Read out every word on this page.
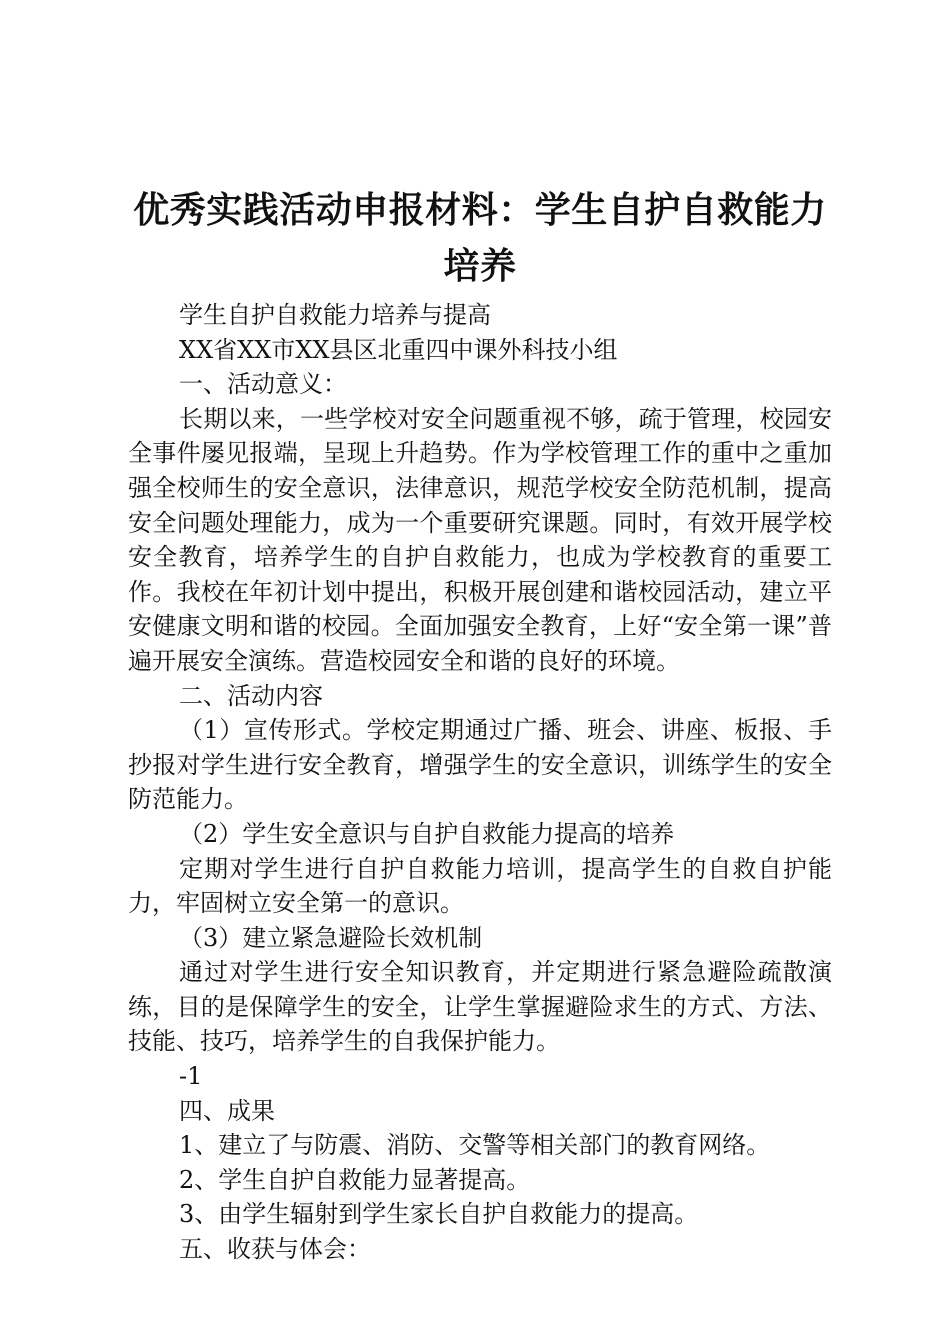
优秀实践活动申报材料：学生自护自救能力培养

学生自护自救能力培养与提高

XX省XX市XX县区北重四中课外科技小组

一、活动意义：

长期以来，一些学校对安全问题重视不够，疏于管理，校园安全事件屡见报端，呈现上升趋势。作为学校管理工作的重中之重加强全校师生的安全意识，法律意识，规范学校安全防范机制，提高安全问题处理能力，成为一个重要研究课题。同时，有效开展学校安全教育，培养学生的自护自救能力，也成为学校教育的重要工作。我校在年初计划中提出，积极开展创建和谐校园活动，建立平安健康文明和谐的校园。全面加强安全教育，上好“安全第一课”普遍开展安全演练。营造校园安全和谐的良好的环境。

二、活动内容

（1）宣传形式。学校定期通过广播、班会、讲座、板报、手抄报对学生进行安全教育，增强学生的安全意识，训练学生的安全防范能力。

（2）学生安全意识与自护自救能力提高的培养

定期对学生进行自护自救能力培训，提高学生的自救自护能力，牢固树立安全第一的意识。

（3）建立紧急避险长效机制

通过对学生进行安全知识教育，并定期进行紧急避险疏散演练，目的是保障学生的安全，让学生掌握避险求生的方式、方法、技能、技巧，培养学生的自我保护能力。

-1

四、成果

1、建立了与防震、消防、交警等相关部门的教育网络。

2、学生自护自救能力显著提高。

3、由学生辐射到学生家长自护自救能力的提高。

五、收获与体会：
